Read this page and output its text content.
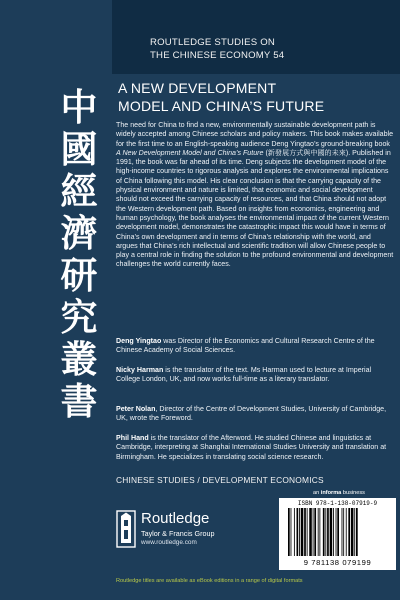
ROUTLEDGE STUDIES ON
THE CHINESE ECONOMY 54
中
國
經
濟
研
究
叢
書
A NEW DEVELOPMENT
MODEL AND CHINA’S FUTURE

The need for China to find a new, environmentally sustainable development path is widely accepted among Chinese scholars and policy makers. This book makes available for the first time to an English-speaking audience Deng Yingtao’s ground-breaking book A New Development Model and China’s Future (新發展方式與中國的未來). Published in 1991, the book was far ahead of its time. Deng subjects the development model of the high-income countries to rigorous analysis and explores the environmental implications of China following this model. His clear conclusion is that the carrying capacity of the physical environment and nature is limited, that economic and social development should not exceed the carrying capacity of resources, and that China should not adopt the Western development path. Based on insights from economics, engineering and human psychology, the book analyses the environmental impact of the current Western development model, demonstrates the catastrophic impact this would have in terms of China’s own development and in terms of China’s relationship with the world, and argues that China’s rich intellectual and scientific tradition will allow Chinese people to play a central role in finding the solution to the profound environmental and development challenges the world currently faces.

Deng Yingtao was Director of the Economics and Cultural Research Centre of the Chinese Academy of Social Sciences.

Nicky Harman is the translator of the text. Ms Harman used to lecture at Imperial College London, UK, and now works full-time as a literary translator.

Peter Nolan, Director of the Centre of Development Studies, University of Cambridge, UK, wrote the Foreword.

Phil Hand is the translator of the Afterword. He studied Chinese and linguistics at Cambridge, interpreting at Shanghai International Studies University and translation at Birmingham. He specializes in translating social science research.

CHINESE STUDIES / DEVELOPMENT ECONOMICS
Routledge
Taylor & Francis Group
www.routledge.com
an informa business
ISBN 978-1-138-07919-9
9 781138 079199
Routledge titles are available as eBook editions in a range of digital formats
